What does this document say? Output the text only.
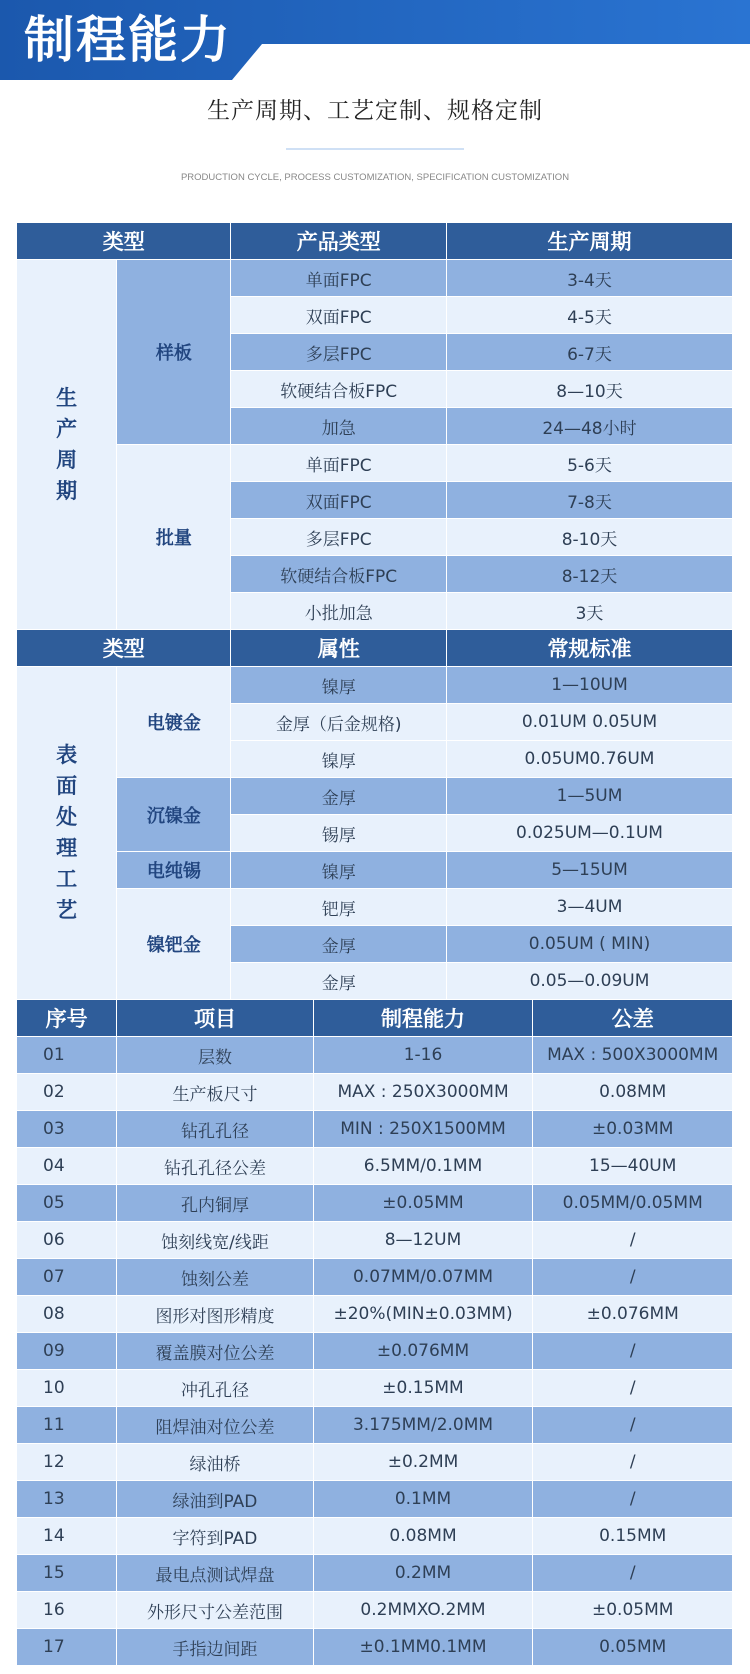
制程能力
生产周期、工艺定制、规格定制
PRODUCTION CYCLE, PROCESS CUSTOMIZATION, SPECIFICATION CUSTOMIZATION
类型		产品类型		生产周期	
生产周期	样板	单面FPC		3-4天	
		双面FPC		4-5天	
		多层FPC		6-7天	
		软硬结合板FPC		8—10天	
		加急		24—48小时	
	批量	单面FPC		5-6天	
		双面FPC		7-8天	
		多层FPC		8-10天	
		软硬结合板FPC		8-12天	
		小批加急		3天	
类型		属性		常规标准	
表面处理工艺	电镀金	镍厚		1—10UM	
		金厚（后金规格)		0.01UM 0.05UM	
		镍厚		0.05UM0.76UM	
	沉镍金	金厚		1—5UM	
		锡厚		0.025UM—0.1UM	
	电纯锡	镍厚		5—15UM	
	镍钯金	钯厚		3—4UM	
		金厚		0.05UM ( MIN)	
		金厚		0.05—0.09UM	
序号	项目		制程能力		公差
01	层数		1-16		MAX : 500X3000MM
02	生产板尺寸		MAX : 250X3000MM		0.08MM
03	钻孔孔径		MIN : 250X1500MM		±0.03MM
04	钻孔孔径公差		6.5MM/0.1MM		15—40UM
05	孔内铜厚		±0.05MM		0.05MM/0.05MM
06	蚀刻线宽/线距		8—12UM		/
07	蚀刻公差		0.07MM/0.07MM		/
08	图形对图形精度		±20%(MIN±0.03MM)		±0.076MM
09	覆盖膜对位公差		±0.076MM		/
10	冲孔孔径		±0.15MM		/
11	阻焊油对位公差		3.175MM/2.0MM		/
12	绿油桥		±0.2MM		/
13	绿油到PAD		0.1MM		/
14	字符到PAD		0.08MM		0.15MM
15	最电点测试焊盘		0.2MM		/
16	外形尺寸公差范围		0.2MMXO.2MM		±0.05MM
17	手指边间距		±0.1MM0.1MM		0.05MM
